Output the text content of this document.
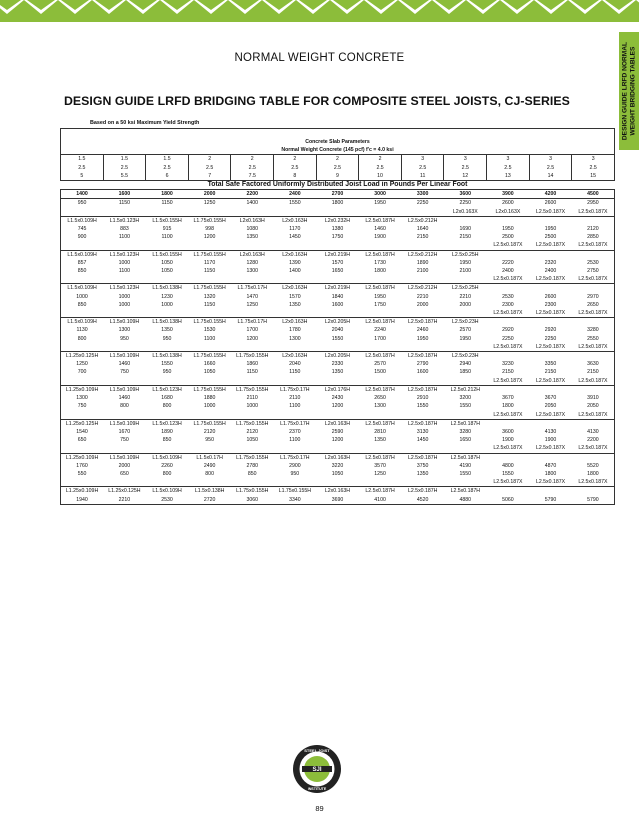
DESIGN GUIDE LRFD NORMAL WEIGHT BRIDGING TABLES
NORMAL WEIGHT CONCRETE
DESIGN GUIDE LRFD BRIDGING TABLE FOR COMPOSITE STEEL JOISTS, CJ-SERIES
Based on a 50 ksi Maximum Yield Strength

Concrete Slab Parameters												
Normal Weight Concrete (145 pcf) f'c = 4.0 ksi												
1.5	1.5	1.5	2	2	2	2	2	3	3	3	3	3
2.5	2.5	2.5	2.5	2.5	2.5	2.5	2.5	2.5	2.5	2.5	2.5	2.5
5	5.5	6	7	7.5	8	9	10	11	12	13	14	15
Total Safe Factored Uniformly Distributed Joist Load in Pounds Per Linear Foot												
1400	1600	1800	2000	2200	2400	2700	3000	3300	3600	3900	4200	4500
950	1150	1150	1250	1400	1550	1800	1950	2250	2250	2600	2600	2950
									L2x0.163X	L2x0.163X	L2.5x0.187X	L2.5x0.187X
L1.5x0.109H	L1.5x0.123H	L1.5x0.155H	L1.75x0.155H	L2x0.163H	L2x0.163H	L2x0.232H	L2.5x0.187H	L2.5x0.212H				
745	883	915	998	1080	1170	1380	1460	1640	1690	1950	1950	2120
900	1100	1100	1200	1350	1450	1750	1900	2150	2150	2500	2500	2850
										L2.5x0.187X	L2.5x0.187X	L2.5x0.187X
L1.5x0.109H	L1.5x0.123H	L1.5x0.155H	L1.75x0.155H	L2x0.163H	L2x0.163H	L2x0.219H	L2.5x0.187H	L2.5x0.212H	L2.5x0.25H			
857	1000	1050	1170	1280	1390	1570	1730	1890	1950	2220	2320	2530
850	1100	1050	1150	1300	1400	1650	1800	2100	2100	2400	2400	2750
										L2.5x0.187X	L2.5x0.187X	L2.5x0.187X
L1.5x0.109H	L1.5x0.123H	L1.5x0.138H	L1.75x0.155H	L1.75x0.17H	L2x0.163H	L2x0.219H	L2.5x0.187H	L2.5x0.212H	L2.5x0.25H			
1000	1000	1230	1320	1470	1570	1840	1950	2210	2210	2530	2600	2970
850	1000	1000	1150	1250	1350	1600	1750	2000	2000	2300	2300	2650
										L2.5x0.187X	L2.5x0.187X	L2.5x0.187X
L1.5x0.109H	L1.5x0.109H	L1.5x0.138H	L1.75x0.155H	L1.75x0.17H	L2x0.163H	L2x0.205H	L2.5x0.187H	L2.5x0.187H	L2.5x0.23H			
1130	1300	1350	1530	1700	1780	2040	2240	2460	2570	2920	2920	3280
800	950	950	1100	1200	1300	1550	1700	1950	1950	2250	2250	2550
										L2.5x0.187X	L2.5x0.187X	L2.5x0.187X
L1.25x0.125H	L1.5x0.109H	L1.5x0.138H	L1.75x0.155H	L1.75x0.155H	L2x0.163H	L2x0.205H	L2.5x0.187H	L2.5x0.187H	L2.5x0.23H			
1250	1460	1550	1660	1860	2040	2330	2570	2790	2940	3230	3350	3630
700	750	950	1050	1150	1150	1350	1500	1600	1850	2150	2150	2150
										L2.5x0.187X	L2.5x0.187X	L2.5x0.187X
L1.25x0.109H	L1.5x0.109H	L1.5x0.123H	L1.75x0.155H	L1.75x0.155H	L1.75x0.17H	L2x0.176H	L2.5x0.187H	L2.5x0.187H	L2.5x0.212H			
1300	1460	1680	1880	2110	2110	2430	2650	2910	3200	3670	3670	3910
750	800	800	1000	1000	1100	1200	1300	1550	1550	1800	2050	2050
										L2.5x0.187X	L2.5x0.187X	L2.5x0.187X
L1.25x0.125H	L1.5x0.109H	L1.5x0.123H	L1.75x0.155H	L1.75x0.155H	L1.75x0.17H	L2x0.163H	L2.5x0.187H	L2.5x0.187H	L2.5x0.187H			
1540	1670	1890	2120	2120	2370	2590	2810	3130	3280	3600	4130	4130
650	750	850	950	1050	1100	1200	1350	1450	1650	1900	1900	2200
										L2.5x0.187X	L2.5x0.187X	L2.5x0.187X
L1.25x0.109H	L1.5x0.109H	L1.5x0.109H	L1.5x0.17H	L1.75x0.155H	L1.75x0.17H	L2x0.163H	L2.5x0.187H	L2.5x0.187H	L2.5x0.187H			
1760	2000	2260	2490	2780	2900	3220	3570	3750	4190	4800	4870	5520
550	650	800	800	850	950	1050	1250	1350	1550	1550	1800	1800
										L2.5x0.187X	L2.5x0.187X	L2.5x0.187X
L1.25x0.109H	L1.25x0.125H	L1.5x0.109H	L1.5x0.138H	L1.75x0.155H	L1.75x0.155H	L2x0.163H	L2.5x0.187H	L2.5x0.187H	L2.5x0.187H			
1940	2210	2530	2720	3060	3340	3690	4100	4520	4880	5060	5790	5790
SJI
STEEL JOIST
INSTITUTE
89
